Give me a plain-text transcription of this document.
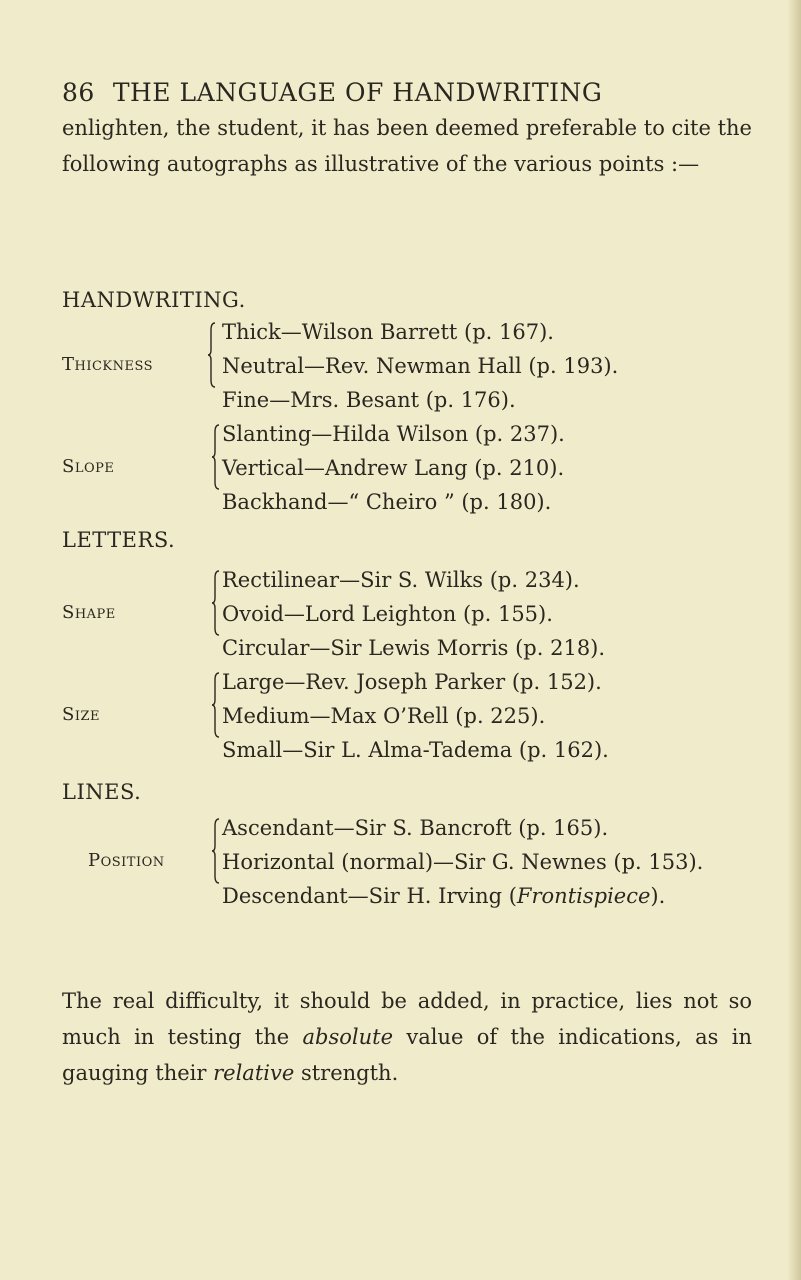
86 THE LANGUAGE OF HANDWRITING
enlighten, the student, it has been deemed preferable to cite the following autographs as illustrative of the various points :—
HANDWRITING.
Thickness
Thick—Wilson Barrett (p. 167).
Neutral—Rev. Newman Hall (p. 193).
Fine—Mrs. Besant (p. 176).
Slope
Slanting—Hilda Wilson (p. 237).
Vertical—Andrew Lang (p. 210).
Backhand—“ Cheiro ” (p. 180).
LETTERS.
Shape
Rectilinear—Sir S. Wilks (p. 234).
Ovoid—Lord Leighton (p. 155).
Circular—Sir Lewis Morris (p. 218).
Size
Large—Rev. Joseph Parker (p. 152).
Medium—Max O’Rell (p. 225).
Small—Sir L. Alma-Tadema (p. 162).
LINES.
Position
Ascendant—Sir S. Bancroft (p. 165).
Horizontal (normal)—Sir G. Newnes (p. 153).
Descendant—Sir H. Irving (Frontispiece).
The real difficulty, it should be added, in practice, lies not so much in testing the absolute value of the indications, as in gauging their relative strength.
